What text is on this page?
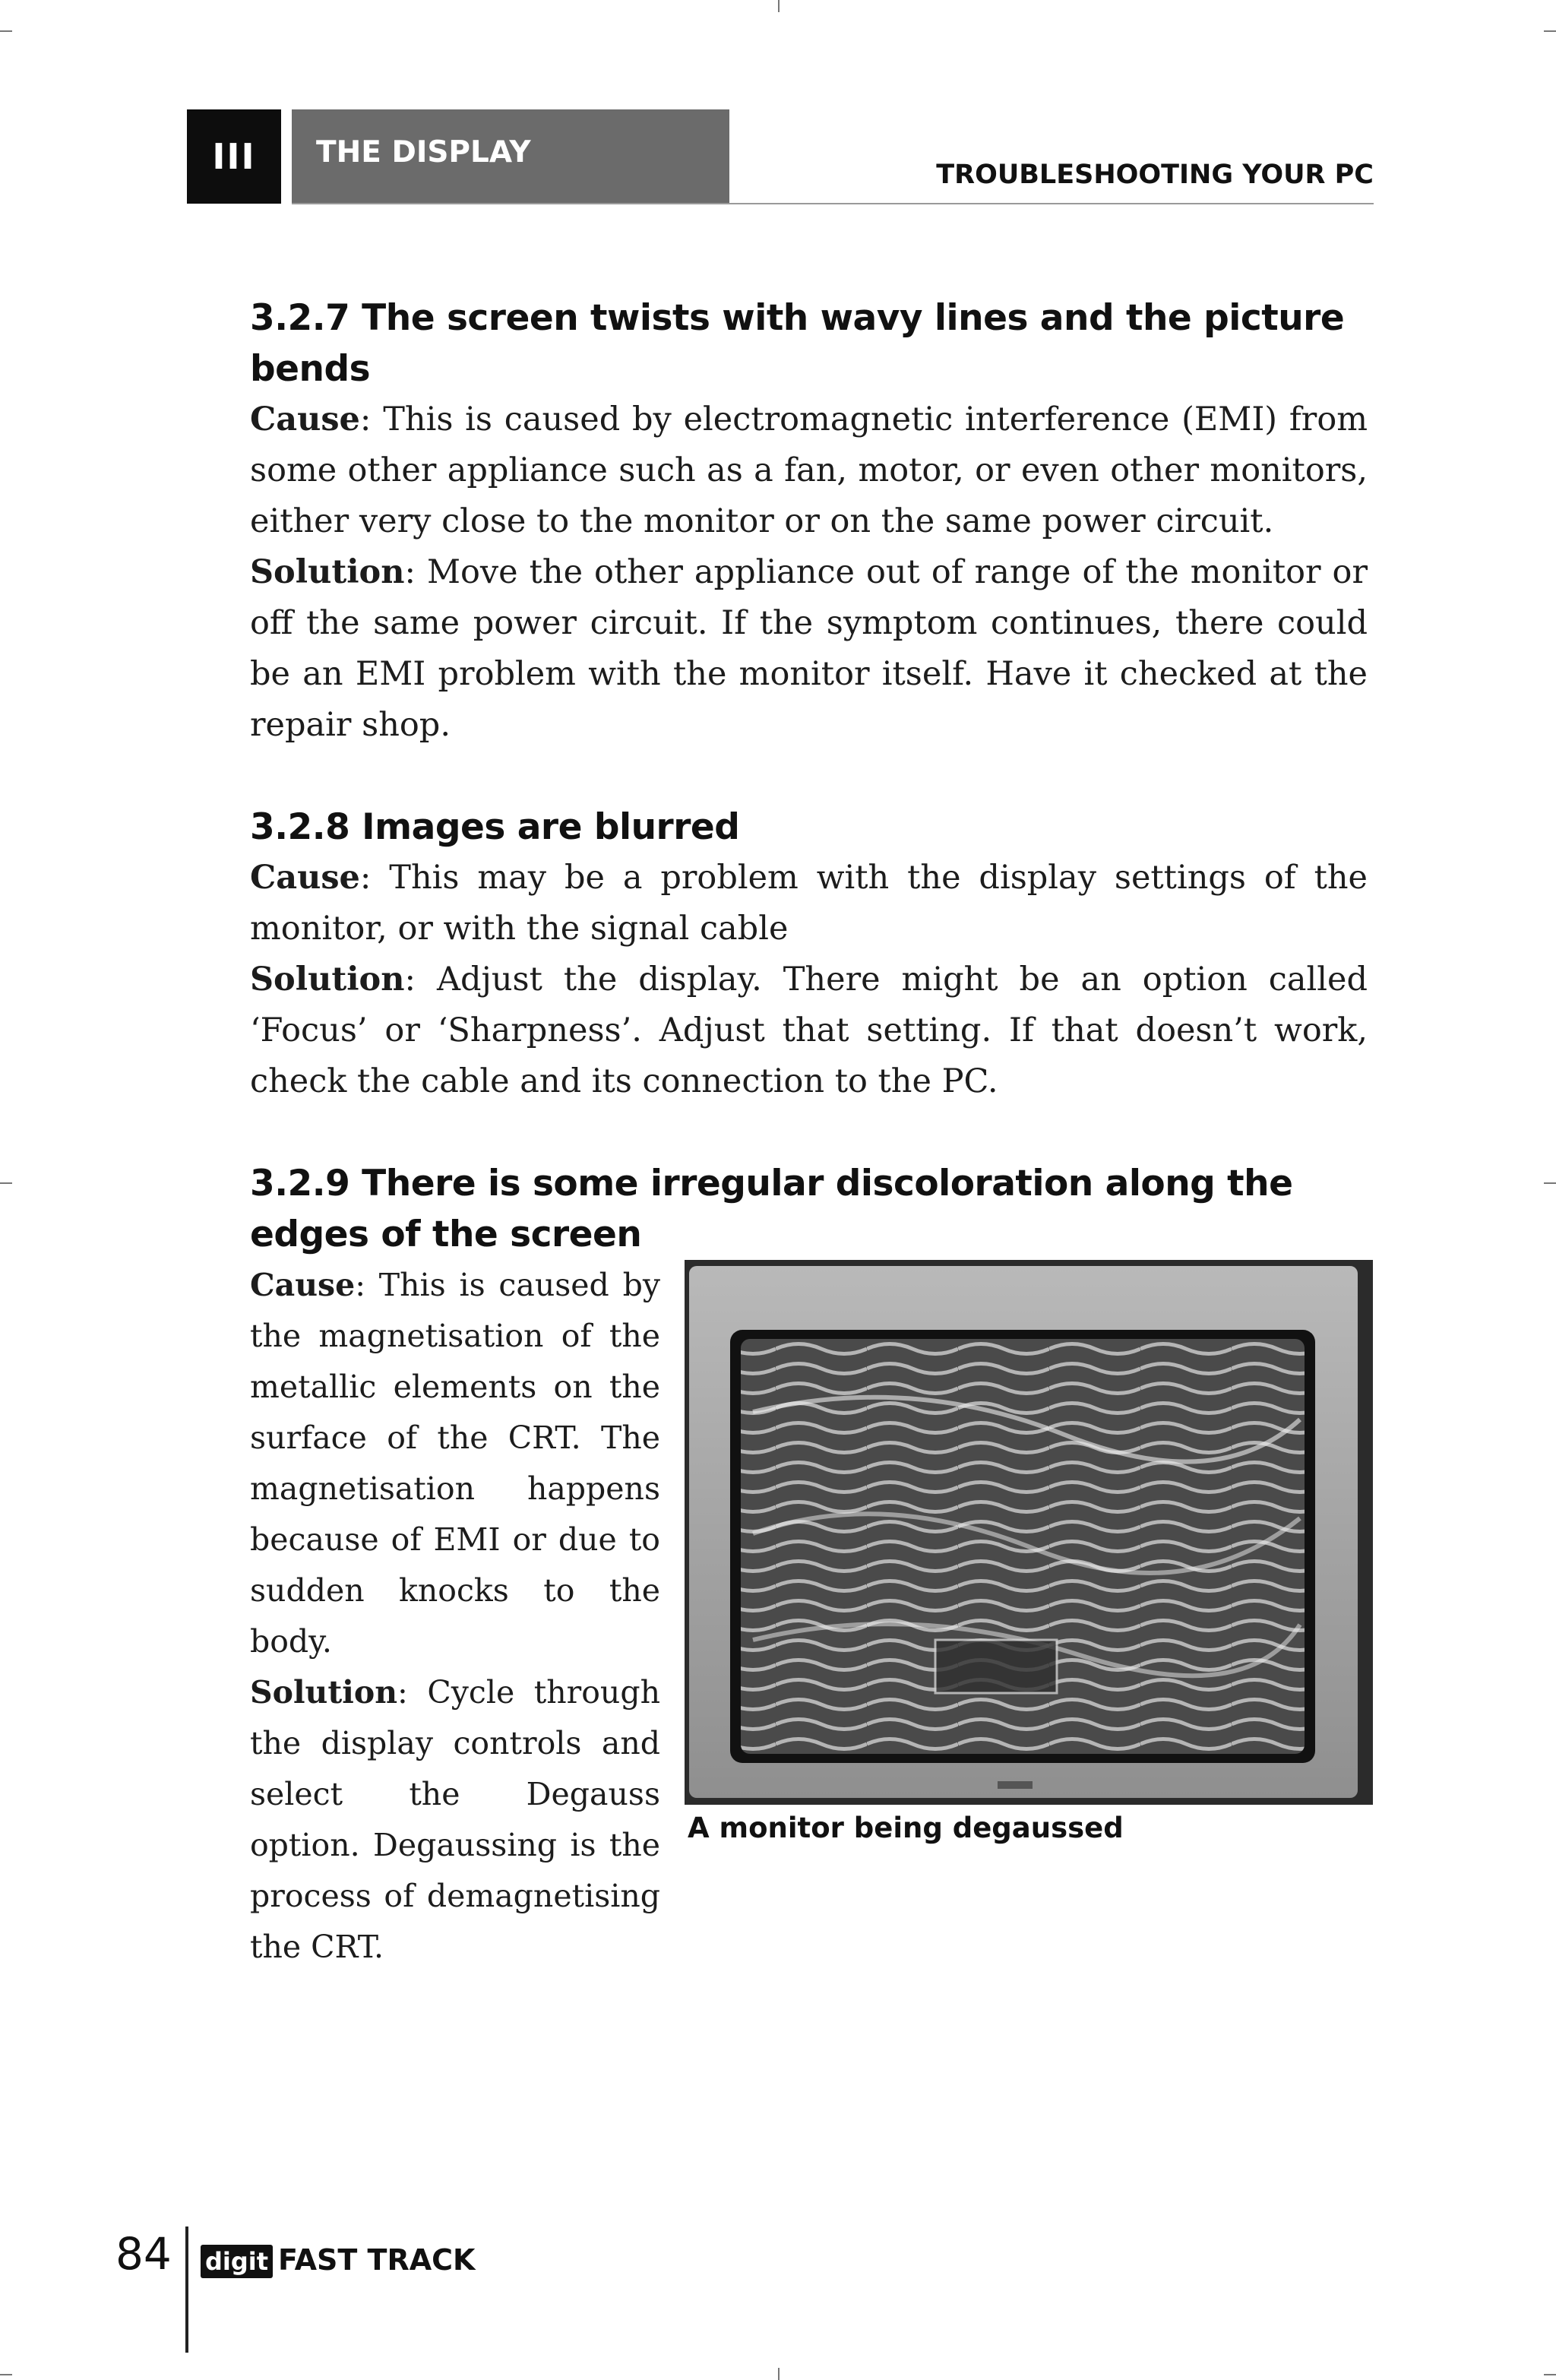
III	THE DISPLAY
TROUBLESHOOTING YOUR PC
3.2.7 The screen twists with wavy lines and the picture bends

Cause: This is caused by electromagnetic interference (EMI) from some other appliance such as a fan, motor, or even other monitors, either very close to the monitor or on the same power circuit.

Solution: Move the other appliance out of range of the monitor or off the same power circuit. If the symptom continues, there could be an EMI problem with the monitor itself. Have it checked at the repair shop.

3.2.8 Images are blurred

Cause: This may be a problem with the display settings of the monitor, or with the signal cable

Solution: Adjust the display. There might be an option called ‘Focus’ or ‘Sharpness’. Adjust that setting. If that doesn’t work, check the cable and its connection to the PC.

3.2.9 There is some irregular discoloration along the edges of the screen

Cause: This is caused by the magnetisation of the metallic elements on the surface of the CRT. The magnetisation happens because of EMI or due to sudden knocks to the body.

Solution: Cycle through the display controls and select the Degauss option. Degaussing is the process of demagnetising the CRT.

A monitor being degaussed
84 digit FAST TRACK
